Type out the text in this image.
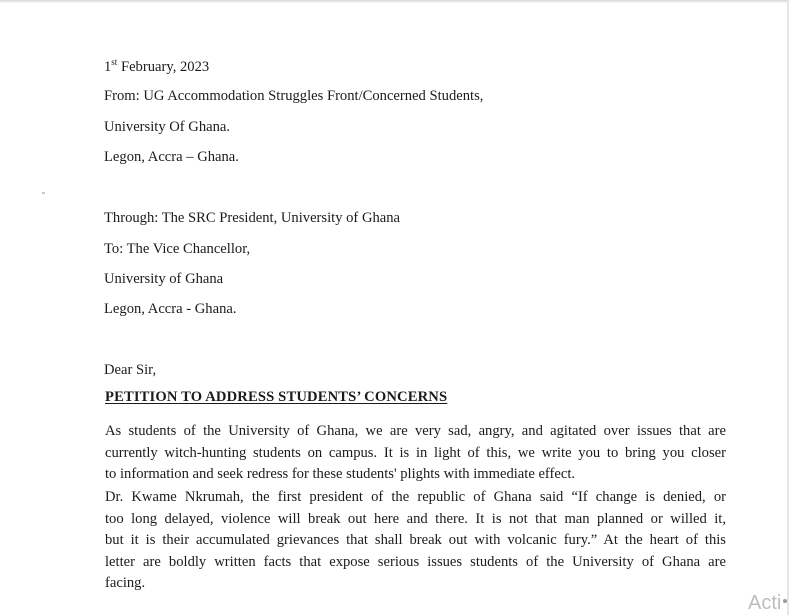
1st February, 2023
From: UG Accommodation Struggles Front/Concerned Students,
University Of Ghana.
Legon, Accra – Ghana.
Through: The SRC President, University of Ghana
To: The Vice Chancellor,
University of Ghana
Legon, Accra - Ghana.
Dear Sir,
PETITION TO ADDRESS STUDENTS’ CONCERNS
As students of the University of Ghana, we are very sad, angry, and agitated over issues that are
currently witch-hunting students on campus. It is in light of this, we write you to bring you closer
to information and seek redress for these students' plights with immediate effect.
Dr. Kwame Nkrumah, the first president of the republic of Ghana said “If change is denied, or
too long delayed, violence will break out here and there. It is not that man planned or willed it,
but it is their accumulated grievances that shall break out with volcanic fury.” At the heart of this
letter are boldly written facts that expose serious issues students of the University of Ghana are
facing.
Acti
